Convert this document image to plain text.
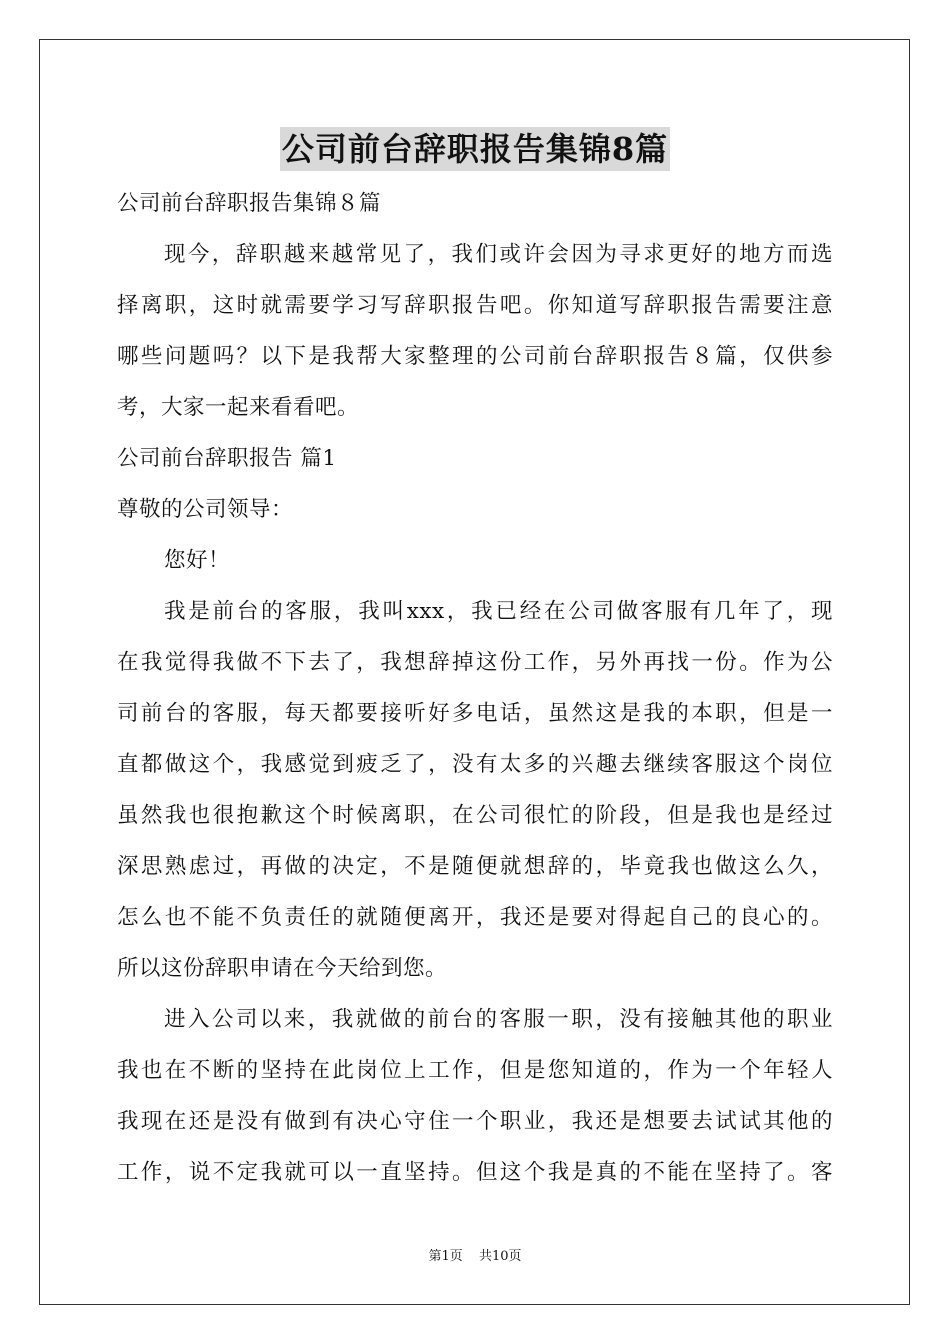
公司前台辞职报告集锦8篇
公司前台辞职报告集锦８篇
现今，辞职越来越常见了，我们或许会因为寻求更好的地方而选
择离职，这时就需要学习写辞职报告吧。你知道写辞职报告需要注意
哪些问题吗？以下是我帮大家整理的公司前台辞职报告８篇，仅供参
考，大家一起来看看吧。
公司前台辞职报告 篇1
尊敬的公司领导：
您好！
我是前台的客服，我叫xxx，我已经在公司做客服有几年了，现
在我觉得我做不下去了，我想辞掉这份工作，另外再找一份。作为公
司前台的客服，每天都要接听好多电话，虽然这是我的本职，但是一
直都做这个，我感觉到疲乏了，没有太多的兴趣去继续客服这个岗位
虽然我也很抱歉这个时候离职，在公司很忙的阶段，但是我也是经过
深思熟虑过，再做的决定，不是随便就想辞的，毕竟我也做这么久，
怎么也不能不负责任的就随便离开，我还是要对得起自己的良心的。
所以这份辞职申请在今天给到您。
进入公司以来，我就做的前台的客服一职，没有接触其他的职业
我也在不断的坚持在此岗位上工作，但是您知道的，作为一个年轻人
我现在还是没有做到有决心守住一个职业，我还是想要去试试其他的
工作，说不定我就可以一直坚持。但这个我是真的不能在坚持了。客
第1页 共10页
